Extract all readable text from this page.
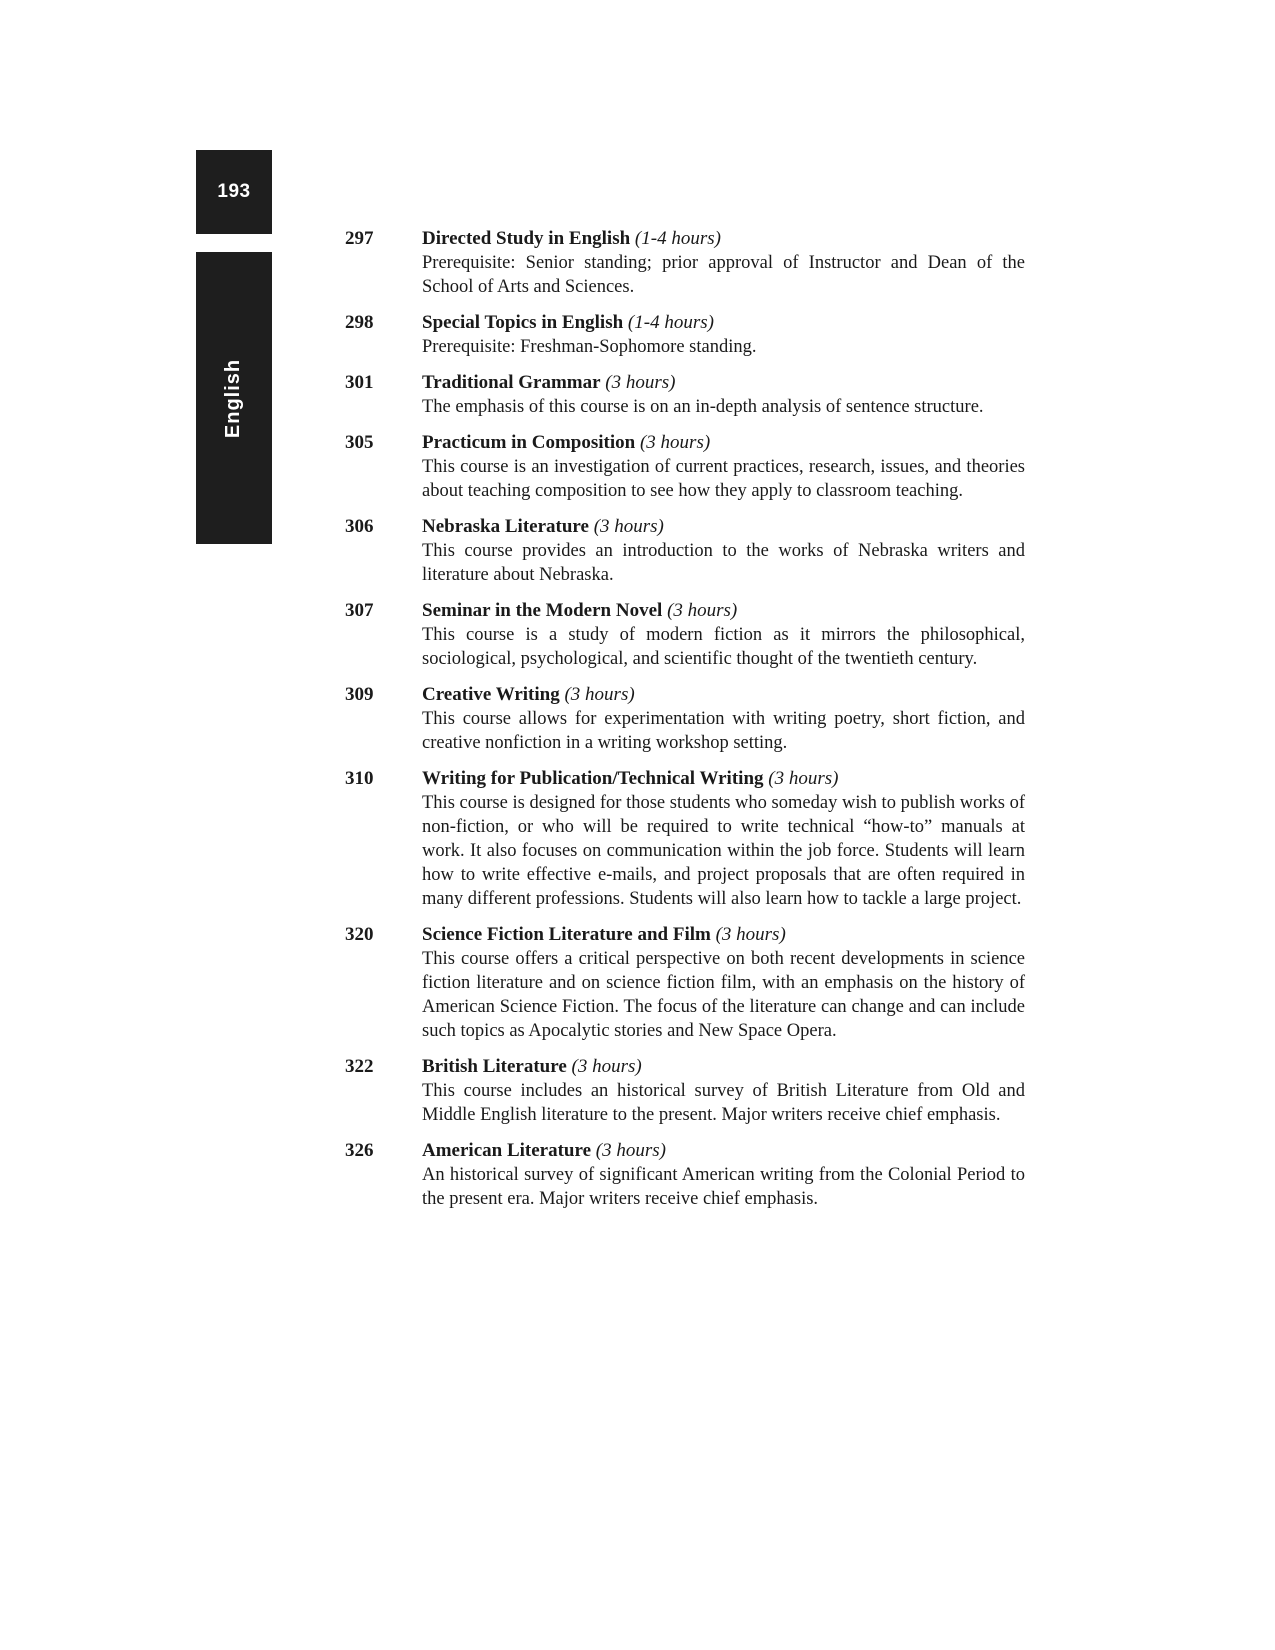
193
English
297	Directed Study in English (1-4 hours)
Prerequisite: Senior standing; prior approval of Instructor and Dean of the School of Arts and Sciences.
298	Special Topics in English (1-4 hours)
Prerequisite: Freshman-Sophomore standing.
301	Traditional Grammar (3 hours)
The emphasis of this course is on an in-depth analysis of sentence structure.
305	Practicum in Composition (3 hours)
This course is an investigation of current practices, research, issues, and theories about teaching composition to see how they apply to classroom teaching.
306	Nebraska Literature (3 hours)
This course provides an introduction to the works of Nebraska writers and literature about Nebraska.
307	Seminar in the Modern Novel (3 hours)
This course is a study of modern fiction as it mirrors the philosophical, sociological, psychological, and scientific thought of the twentieth century.
309	Creative Writing (3 hours)
This course allows for experimentation with writing poetry, short fiction, and creative nonfiction in a writing workshop setting.
310	Writing for Publication/Technical Writing (3 hours)
This course is designed for those students who someday wish to publish works of non-fiction, or who will be required to write technical “how-to” manuals at work. It also focuses on communication within the job force. Students will learn how to write effective e-mails, and project proposals that are often required in many different professions. Students will also learn how to tackle a large project.
320	Science Fiction Literature and Film (3 hours)
This course offers a critical perspective on both recent developments in science fiction literature and on science fiction film, with an emphasis on the history of American Science Fiction. The focus of the literature can change and can include such topics as Apocalytic stories and New Space Opera.
322	British Literature (3 hours)
This course includes an historical survey of British Literature from Old and Middle English literature to the present. Major writers receive chief emphasis.
326	American Literature (3 hours)
An historical survey of significant American writing from the Colonial Period to the present era. Major writers receive chief emphasis.
